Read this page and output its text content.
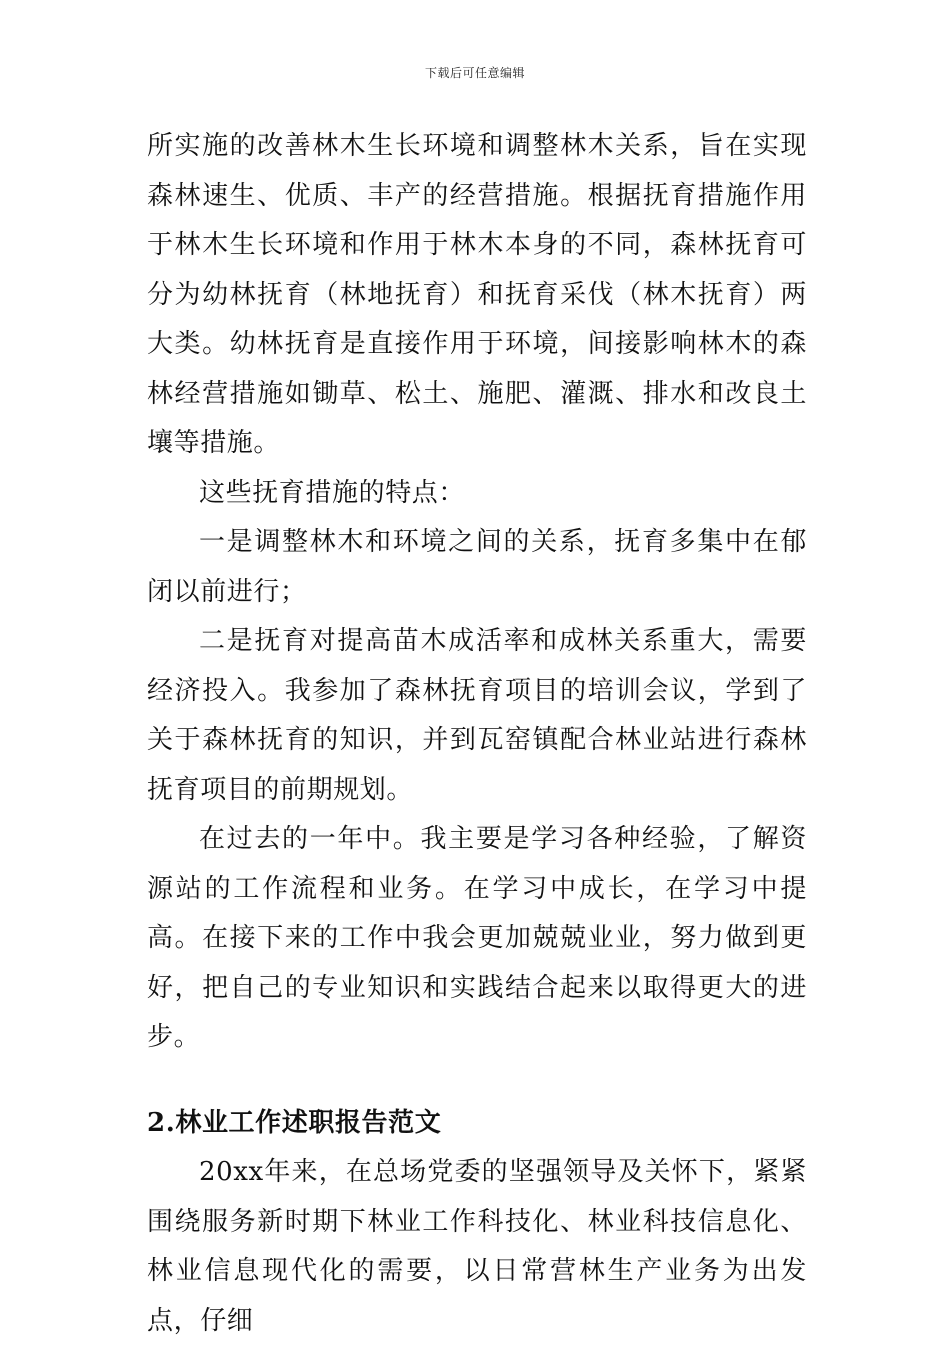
下载后可任意编辑

所实施的改善林木生长环境和调整林木关系，旨在实现森林速生、优质、丰产的经营措施。根据抚育措施作用于林木生长环境和作用于林木本身的不同，森林抚育可分为幼林抚育（林地抚育）和抚育采伐（林木抚育）两大类。幼林抚育是直接作用于环境，间接影响林木的森林经营措施如锄草、松土、施肥、灌溉、排水和改良土壤等措施。

这些抚育措施的特点：

一是调整林木和环境之间的关系，抚育多集中在郁闭以前进行；

二是抚育对提高苗木成活率和成林关系重大，需要经济投入。我参加了森林抚育项目的培训会议，学到了关于森林抚育的知识，并到瓦窑镇配合林业站进行森林抚育项目的前期规划。

在过去的一年中。我主要是学习各种经验，了解资源站的工作流程和业务。在学习中成长，在学习中提高。在接下来的工作中我会更加兢兢业业，努力做到更好，把自己的专业知识和实践结合起来以取得更大的进步。

2.林业工作述职报告范文

20xx年来，在总场党委的坚强领导及关怀下，紧紧围绕服务新时期下林业工作科技化、林业科技信息化、林业信息现代化的需要，以日常营林生产业务为出发点，仔细
